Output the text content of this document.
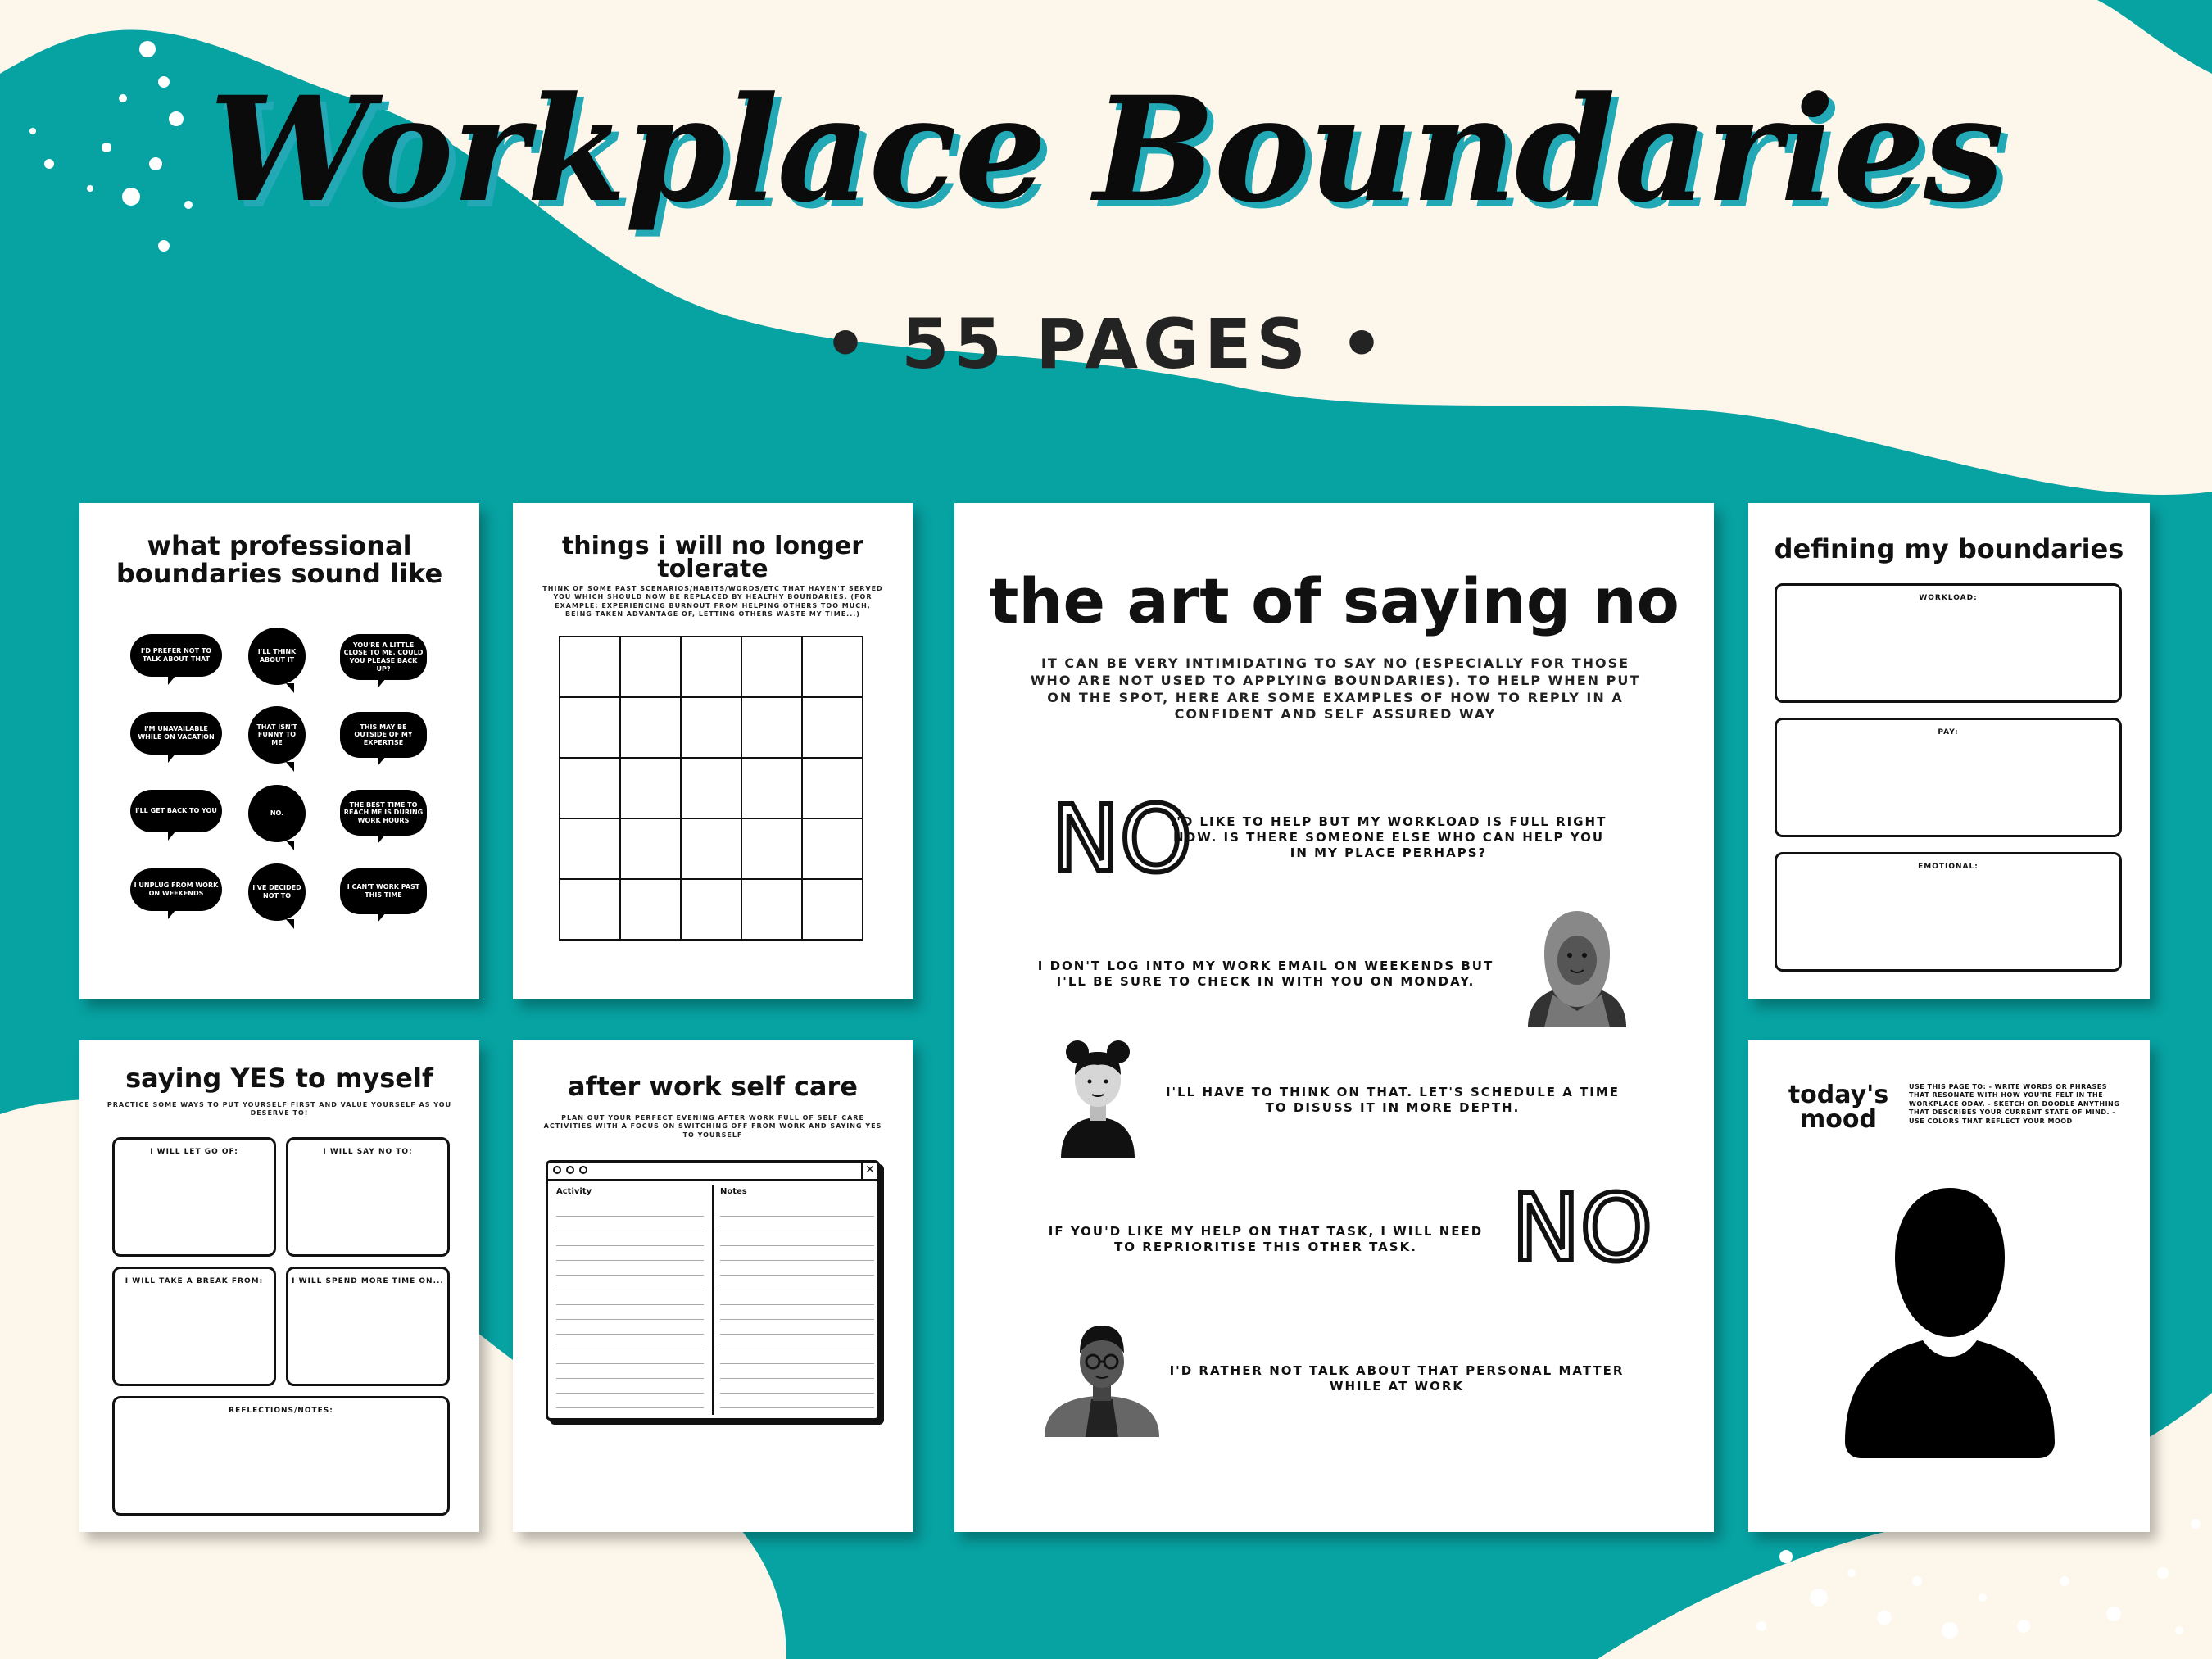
Workplace Boundaries
• 55 PAGES •
what professional
boundaries sound like
I'D PREFER NOT TO TALK ABOUT THAT
I'LL THINK ABOUT IT
YOU'RE A LITTLE CLOSE TO ME. COULD YOU PLEASE BACK UP?
I'M UNAVAILABLE WHILE ON VACATION
THAT ISN'T FUNNY TO ME
THIS MAY BE OUTSIDE OF MY EXPERTISE
I'LL GET BACK TO YOU	NO.
THE BEST TIME TO REACH ME IS DURING WORK HOURS
I UNPLUG FROM WORK ON WEEKENDS
I'VE DECIDED NOT TO
I CAN'T WORK PAST THIS TIME
things i will no longer
tolerate
THINK OF SOME PAST SCENARIOS/HABITS/WORDS/ETC THAT HAVEN'T SERVED YOU WHICH SHOULD NOW BE REPLACED BY HEALTHY BOUNDARIES. (FOR EXAMPLE: EXPERIENCING BURNOUT FROM HELPING OTHERS TOO MUCH, BEING TAKEN ADVANTAGE OF, LETTING OTHERS WASTE MY TIME...)

					the art of saying no
IT CAN BE VERY INTIMIDATING TO SAY NO (ESPECIALLY FOR THOSE WHO ARE NOT USED TO APPLYING BOUNDARIES). TO HELP WHEN PUT ON THE SPOT, HERE ARE SOME EXAMPLES OF HOW TO REPLY IN A CONFIDENT AND SELF ASSURED WAY
NO
I'D LIKE TO HELP BUT MY WORKLOAD IS FULL RIGHT NOW. IS THERE SOMEONE ELSE WHO CAN HELP YOU IN MY PLACE PERHAPS?
I DON'T LOG INTO MY WORK EMAIL ON WEEKENDS BUT I'LL BE SURE TO CHECK IN WITH YOU ON MONDAY.
I'LL HAVE TO THINK ON THAT. LET'S SCHEDULE A TIME TO DISUSS IT IN MORE DEPTH.
IF YOU'D LIKE MY HELP ON THAT TASK, I WILL NEED TO REPRIORITISE THIS OTHER TASK.	NO
I'D RATHER NOT TALK ABOUT THAT PERSONAL MATTER WHILE AT WORK
defining my boundaries
WORKLOAD:
PAY:
EMOTIONAL:
saying YES to myself
PRACTICE SOME WAYS TO PUT YOURSELF FIRST AND VALUE YOURSELF AS YOU DESERVE TO!
I WILL LET GO OF:	I WILL SAY NO TO:
I WILL TAKE A BREAK FROM:	I WILL SPEND MORE TIME ON...
REFLECTIONS/NOTES:
after work self care
PLAN OUT YOUR PERFECT EVENING AFTER WORK FULL OF SELF CARE ACTIVITIES WITH A FOCUS ON SWITCHING OFF FROM WORK AND SAYING YES TO YOURSELF
✕
Activity	Notes
today's
mood
USE THIS PAGE TO: - WRITE WORDS OR PHRASES THAT RESONATE WITH HOW YOU'RE FELT IN THE WORKPLACE ODAY. - SKETCH OR DOODLE ANYTHING THAT DESCRIBES YOUR CURRENT STATE OF MIND. - USE COLORS THAT REFLECT YOUR MOOD
